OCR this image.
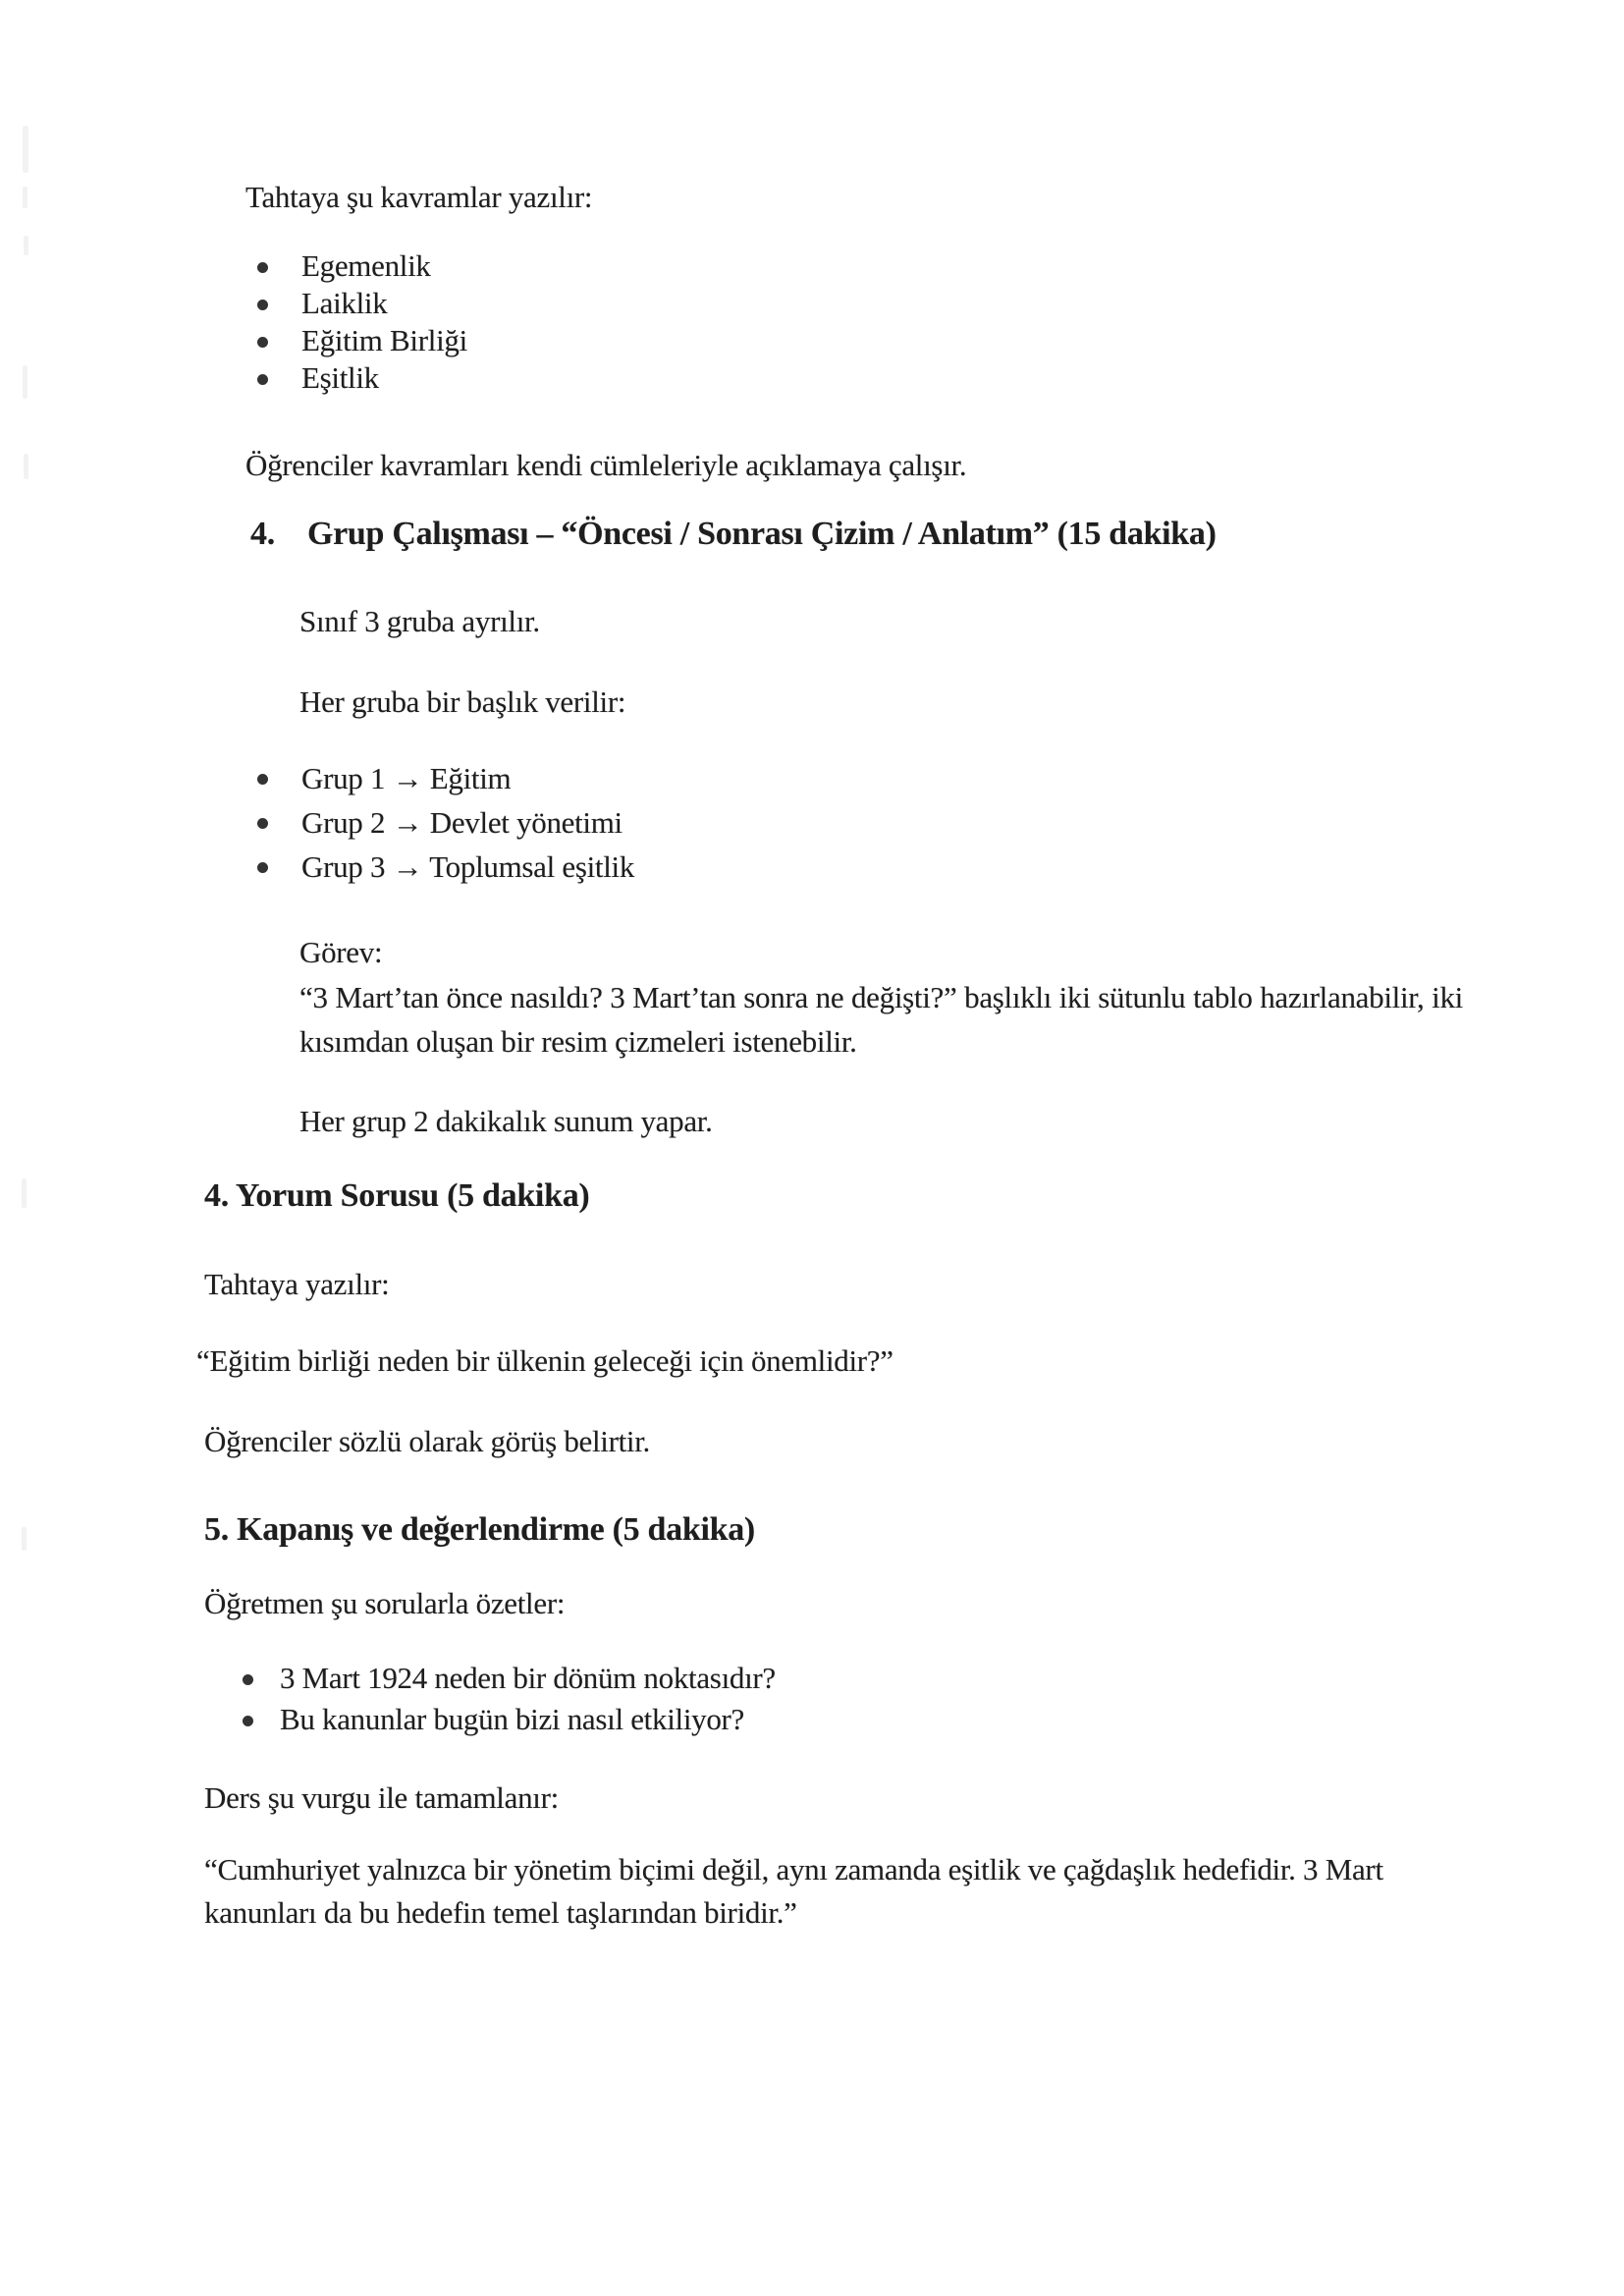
Tahtaya şu kavramlar yazılır:
Egemenlik
Laiklik
Eğitim Birliği
Eşitlik
Öğrenciler kavramları kendi cümleleriyle açıklamaya çalışır.
4. Grup Çalışması – “Öncesi / Sonrası Çizim / Anlatım” (15 dakika)
Sınıf 3 gruba ayrılır.
Her gruba bir başlık verilir:
Grup 1 → Eğitim
Grup 2 → Devlet yönetimi
Grup 3 → Toplumsal eşitlik
Görev:
“3 Mart’tan önce nasıldı? 3 Mart’tan sonra ne değişti?” başlıklı iki sütunlu tablo hazırlanabilir, iki kısımdan oluşan bir resim çizmeleri istenebilir.
Her grup 2 dakikalık sunum yapar.
4. Yorum Sorusu (5 dakika)
Tahtaya yazılır:
“Eğitim birliği neden bir ülkenin geleceği için önemlidir?”
Öğrenciler sözlü olarak görüş belirtir.
5. Kapanış ve değerlendirme (5 dakika)
Öğretmen şu sorularla özetler:
3 Mart 1924 neden bir dönüm noktasıdır?
Bu kanunlar bugün bizi nasıl etkiliyor?
Ders şu vurgu ile tamamlanır:
“Cumhuriyet yalnızca bir yönetim biçimi değil, aynı zamanda eşitlik ve çağdaşlık hedefidir. 3 Mart kanunları da bu hedefin temel taşlarından biridir.”
